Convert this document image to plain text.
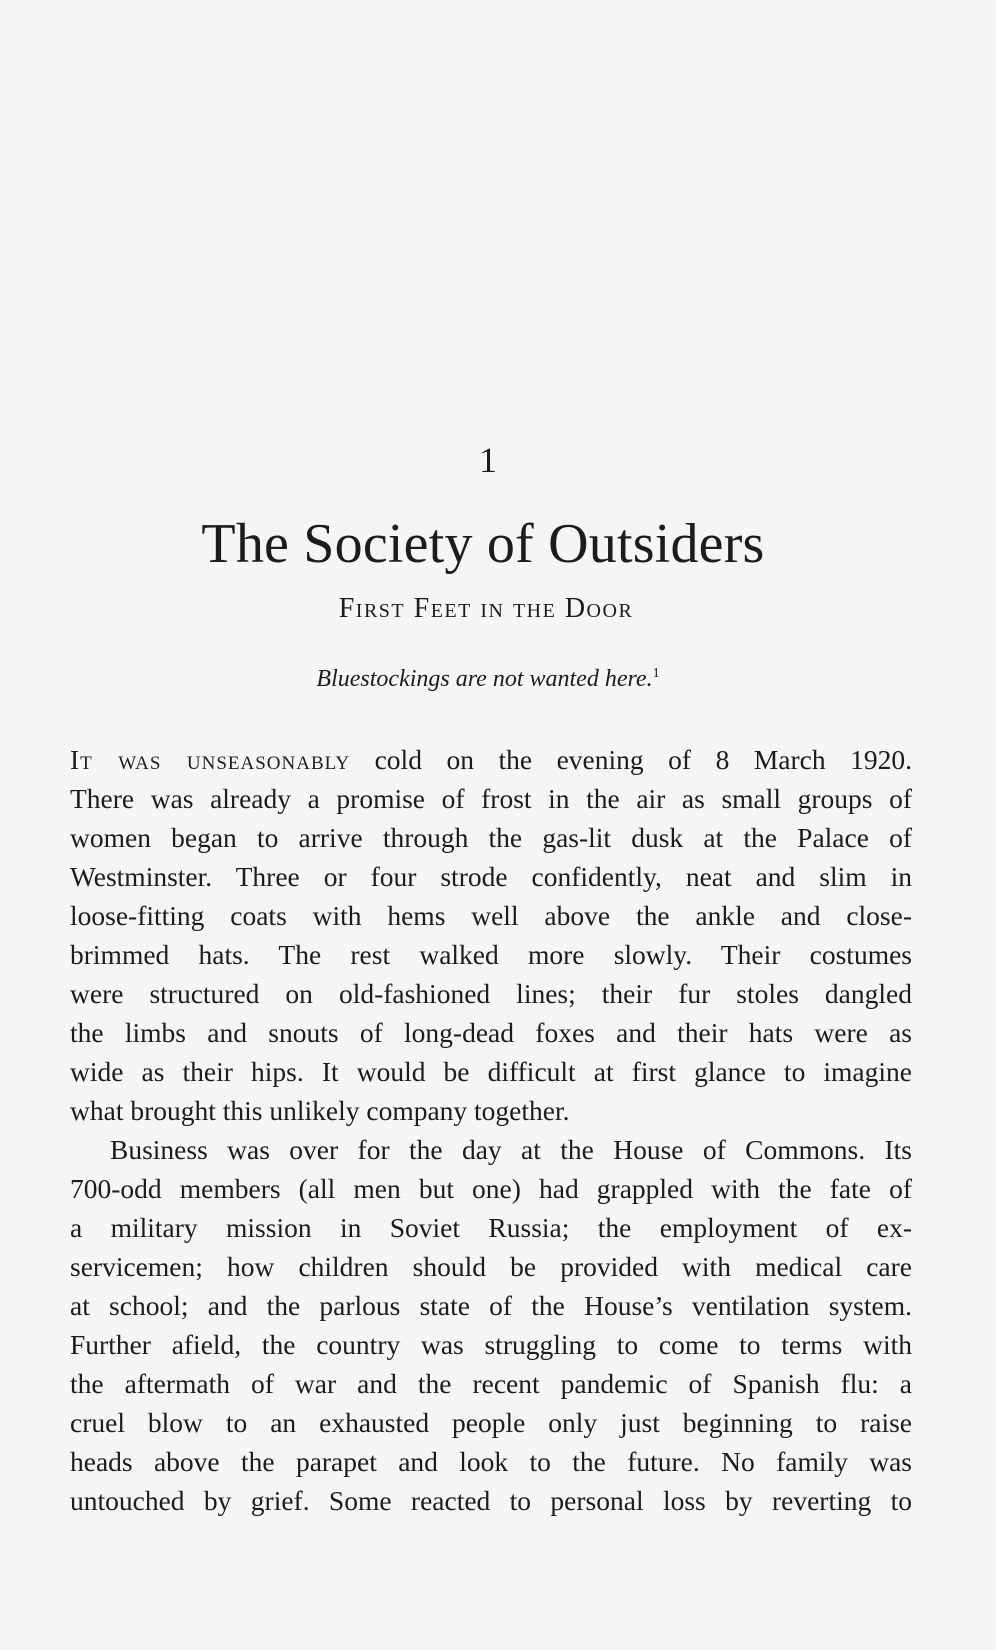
1
The Society of Outsiders
First Feet in the Door
Bluestockings are not wanted here.$^1$
It was unseasonably cold on the evening of 8 March 1920.
There was already a promise of frost in the air as small groups of
women began to arrive through the gas-lit dusk at the Palace of
Westminster. Three or four strode confidently, neat and slim in
loose-fitting coats with hems well above the ankle and close-
brimmed hats. The rest walked more slowly. Their costumes
were structured on old-fashioned lines; their fur stoles dangled
the limbs and snouts of long-dead foxes and their hats were as
wide as their hips. It would be difficult at first glance to imagine
what brought this unlikely company together.
Business was over for the day at the House of Commons. Its
700-odd members (all men but one) had grappled with the fate of
a military mission in Soviet Russia; the employment of ex-
servicemen; how children should be provided with medical care
at school; and the parlous state of the House’s ventilation system.
Further afield, the country was struggling to come to terms with
the aftermath of war and the recent pandemic of Spanish flu: a
cruel blow to an exhausted people only just beginning to raise
heads above the parapet and look to the future. No family was
untouched by grief. Some reacted to personal loss by reverting to
